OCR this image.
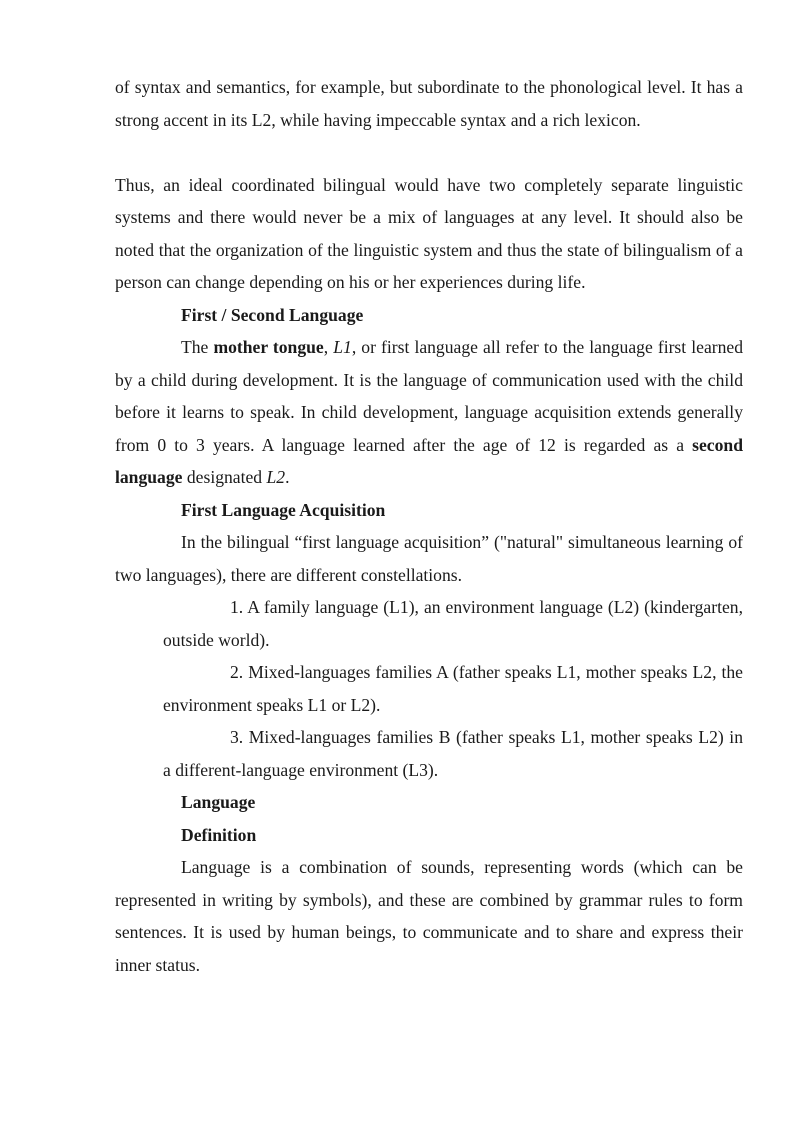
of syntax and semantics, for example, but subordinate to the phonological level. It has a strong accent in its L2, while having impeccable syntax and a rich lexicon.

Thus, an ideal coordinated bilingual would have two completely separate linguistic systems and there would never be a mix of languages at any level. It should also be noted that the organization of the linguistic system and thus the state of bilingualism of a person can change depending on his or her experiences during life.

First / Second Language

The mother tongue, L1, or first language all refer to the language first learned by a child during development. It is the language of communication used with the child before it learns to speak. In child development, language acquisition extends generally from 0 to 3 years. A language learned after the age of 12 is regarded as a second language designated L2.

First Language Acquisition

In the bilingual “first language acquisition” ("natural" simultaneous learning of two languages), there are different constellations.

1. A family language (L1), an environment language (L2) (kindergarten, outside world).

2. Mixed-languages families A (father speaks L1, mother speaks L2, the environment speaks L1 or L2).

3. Mixed-languages families B (father speaks L1, mother speaks L2) in a different-language environment (L3).

Language
Definition

Language is a combination of sounds, representing words (which can be represented in writing by symbols), and these are combined by grammar rules to form sentences. It is used by human beings, to communicate and to share and express their inner status.
